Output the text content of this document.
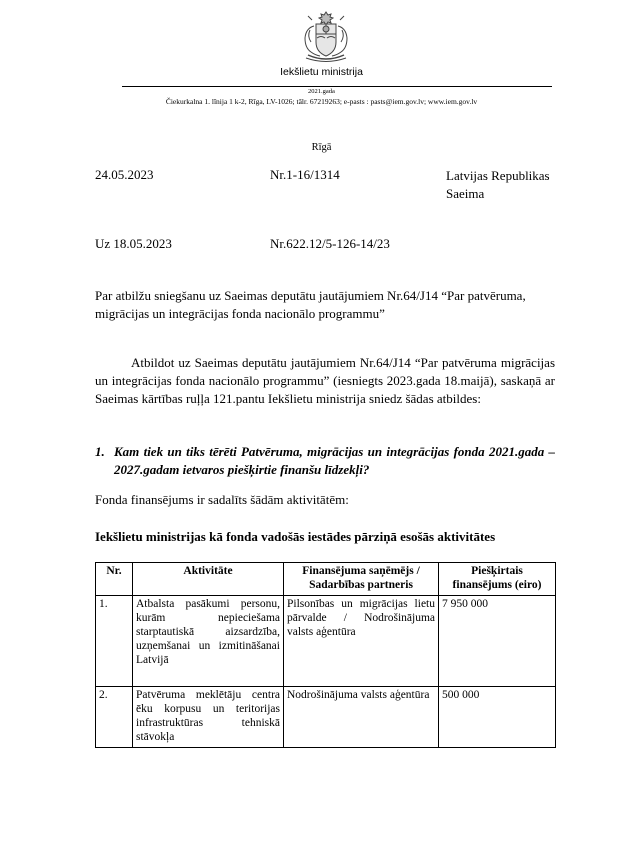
Iekšlietu ministrija
2021.gada
Čiekurkalna 1. līnija 1 k-2, Rīga, LV-1026; tālr. 67219263; e-pasts : pasts@iem.gov.lv; www.iem.gov.lv
Rīgā
24.05.2023	Nr.1-16/1314	Latvijas Republikas
Saeima
Uz 18.05.2023	Nr.622.12/5-126-14/23
Par atbilžu sniegšanu uz Saeimas deputātu jautājumiem Nr.64/J14 “Par patvēruma, migrācijas un integrācijas fonda nacionālo programmu”
Atbildot uz Saeimas deputātu jautājumiem Nr.64/J14 “Par patvēruma migrācijas un integrācijas fonda nacionālo programmu” (iesniegts 2023.gada 18.maijā), saskaņā ar Saeimas kārtības ruļļa 121.pantu Iekšlietu ministrija sniedz šādas atbildes:
1. Kam tiek un tiks tērēti Patvēruma, migrācijas un integrācijas fonda 2021.gada – 2027.gadam ietvaros piešķirtie finanšu līdzekļi?
Fonda finansējums ir sadalīts šādām aktivitātēm:
Iekšlietu ministrijas kā fonda vadošās iestādes pārziņā esošās aktivitātes
Nr.	Aktivitāte	Finansējuma saņēmējs / Sadarbības partneris	Piešķirtais finansējums (eiro)
1.	Atbalsta pasākumi personu, kurām nepieciešama starptautiskā aizsardzība, uzņemšanai un izmitināšanai Latvijā	Pilsonības un migrācijas lietu pārvalde / Nodrošinājuma valsts aģentūra	7 950 000
2.	Patvēruma meklētāju centra ēku korpusu un teritorijas infrastruktūras tehniskā stāvokļa	Nodrošinājuma valsts aģentūra	500 000
